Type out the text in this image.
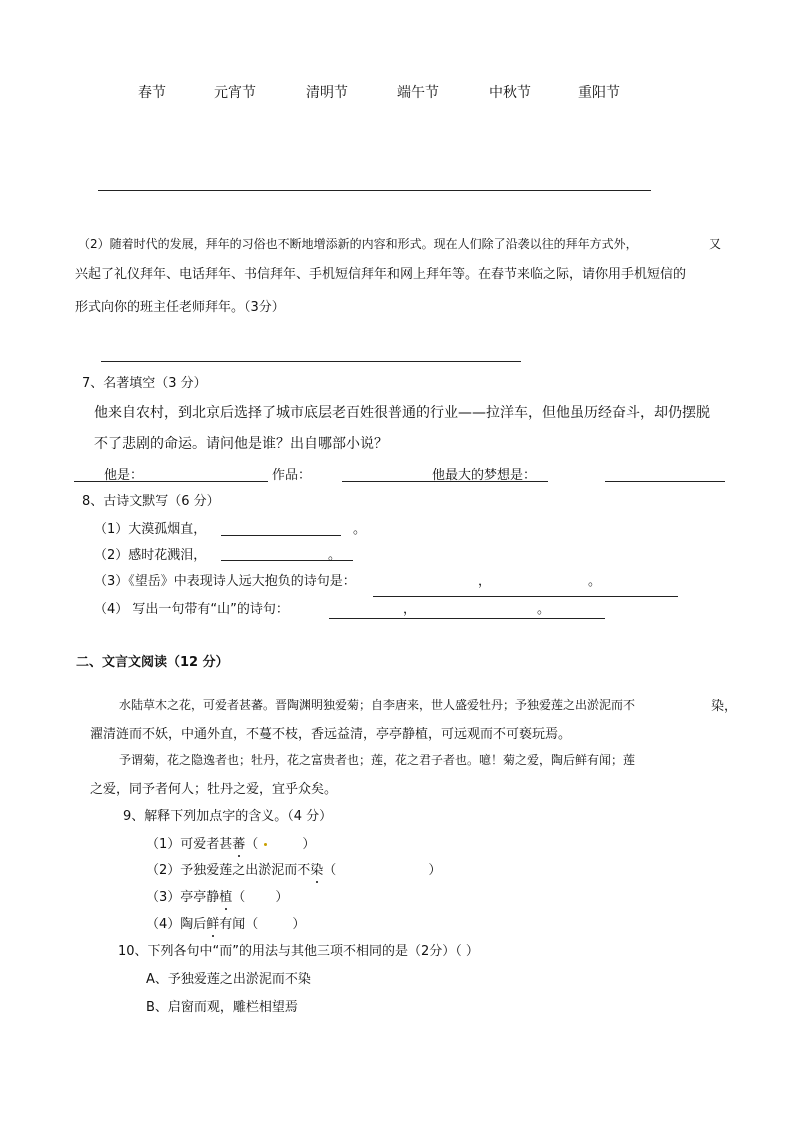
春节	元宵节	清明节	端午节	中秋节	重阳节
（2）随着时代的发展，拜年的习俗也不断地增添新的内容和形式。现在人们除了沿袭以往的拜年方式外，	又
兴起了礼仪拜年、电话拜年、书信拜年、手机短信拜年和网上拜年等。在春节来临之际，请你用手机短信的
形式向你的班主任老师拜年。（3分）
7、名著填空（3 分）
他来自农村，到北京后选择了城市底层老百姓很普通的行业——拉洋车，但他虽历经奋斗，却仍摆脱
不了悲剧的命运。请问他是谁？出自哪部小说？
他是：	作品：	他最大的梦想是：
8、古诗文默写（6 分）
（1）大漠孤烟直，	。
（2）感时花溅泪，	。
（3）《望岳》中表现诗人远大抱负的诗句是：	，	。
（4） 写出一句带有“山”的诗句：	，	。
二、文言文阅读（12 分）
水陆草木之花，可爱者甚蕃。晋陶渊明独爱菊；自李唐来，世人盛爱牡丹；予独爱莲之出淤泥而不	染，
濯清涟而不妖，中通外直，不蔓不枝，香远益清，亭亭静植，可远观而不可亵玩焉。
予谓菊，花之隐逸者也；牡丹，花之富贵者也；莲，花之君子者也。噫！菊之爱，陶后鲜有闻；莲
之爱，同予者何人；牡丹之爱，宜乎众矣。
9、解释下列加点字的含义。（4 分）
（1）可爱者甚蕃（	）
（2）予独爱莲之出淤泥而不染（	）
（3）亭亭静植（ ）
（4）陶后鲜有闻（	）
10、下列各句中“而”的用法与其他三项不相同的是（2分）（ ）
A、予独爱莲之出淤泥而不染
B、启窗而观，雕栏相望焉
